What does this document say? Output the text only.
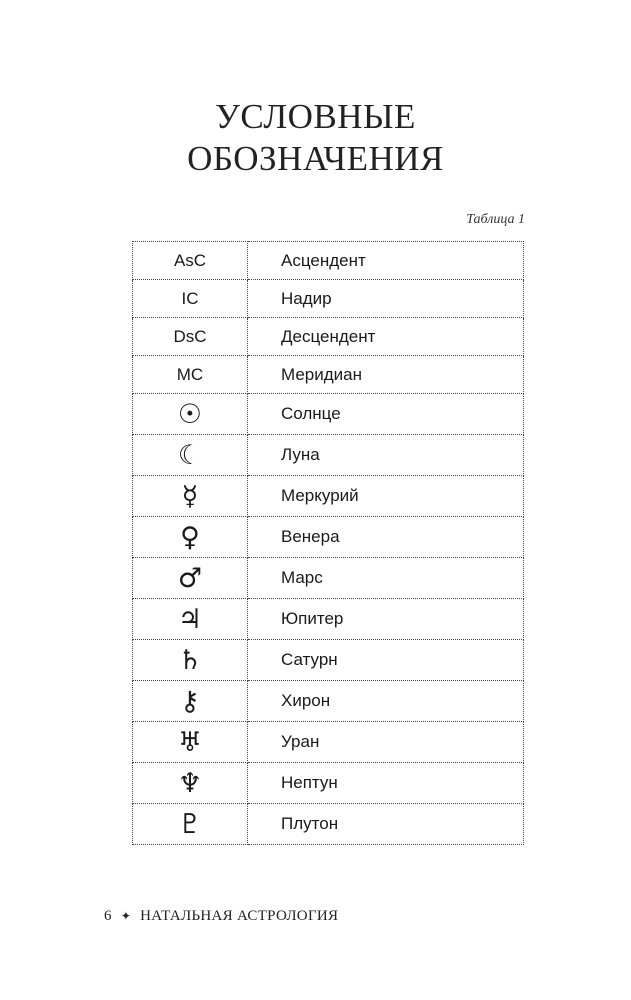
УСЛОВНЫЕ
ОБОЗНАЧЕНИЯ
Таблица 1
AsC	Асцендент
IC	Надир
DsC	Десцендент
MC	Меридиан
☉	Солнце
☾	Луна
☿	Меркурий
♀	Венера
♂	Марс
♃	Юпитер
♄	Сатурн
⚷	Хирон
♅	Уран
♆	Нептун
♇	Плутон
6 ✦ НАТАЛЬНАЯ АСТРОЛОГИЯ
